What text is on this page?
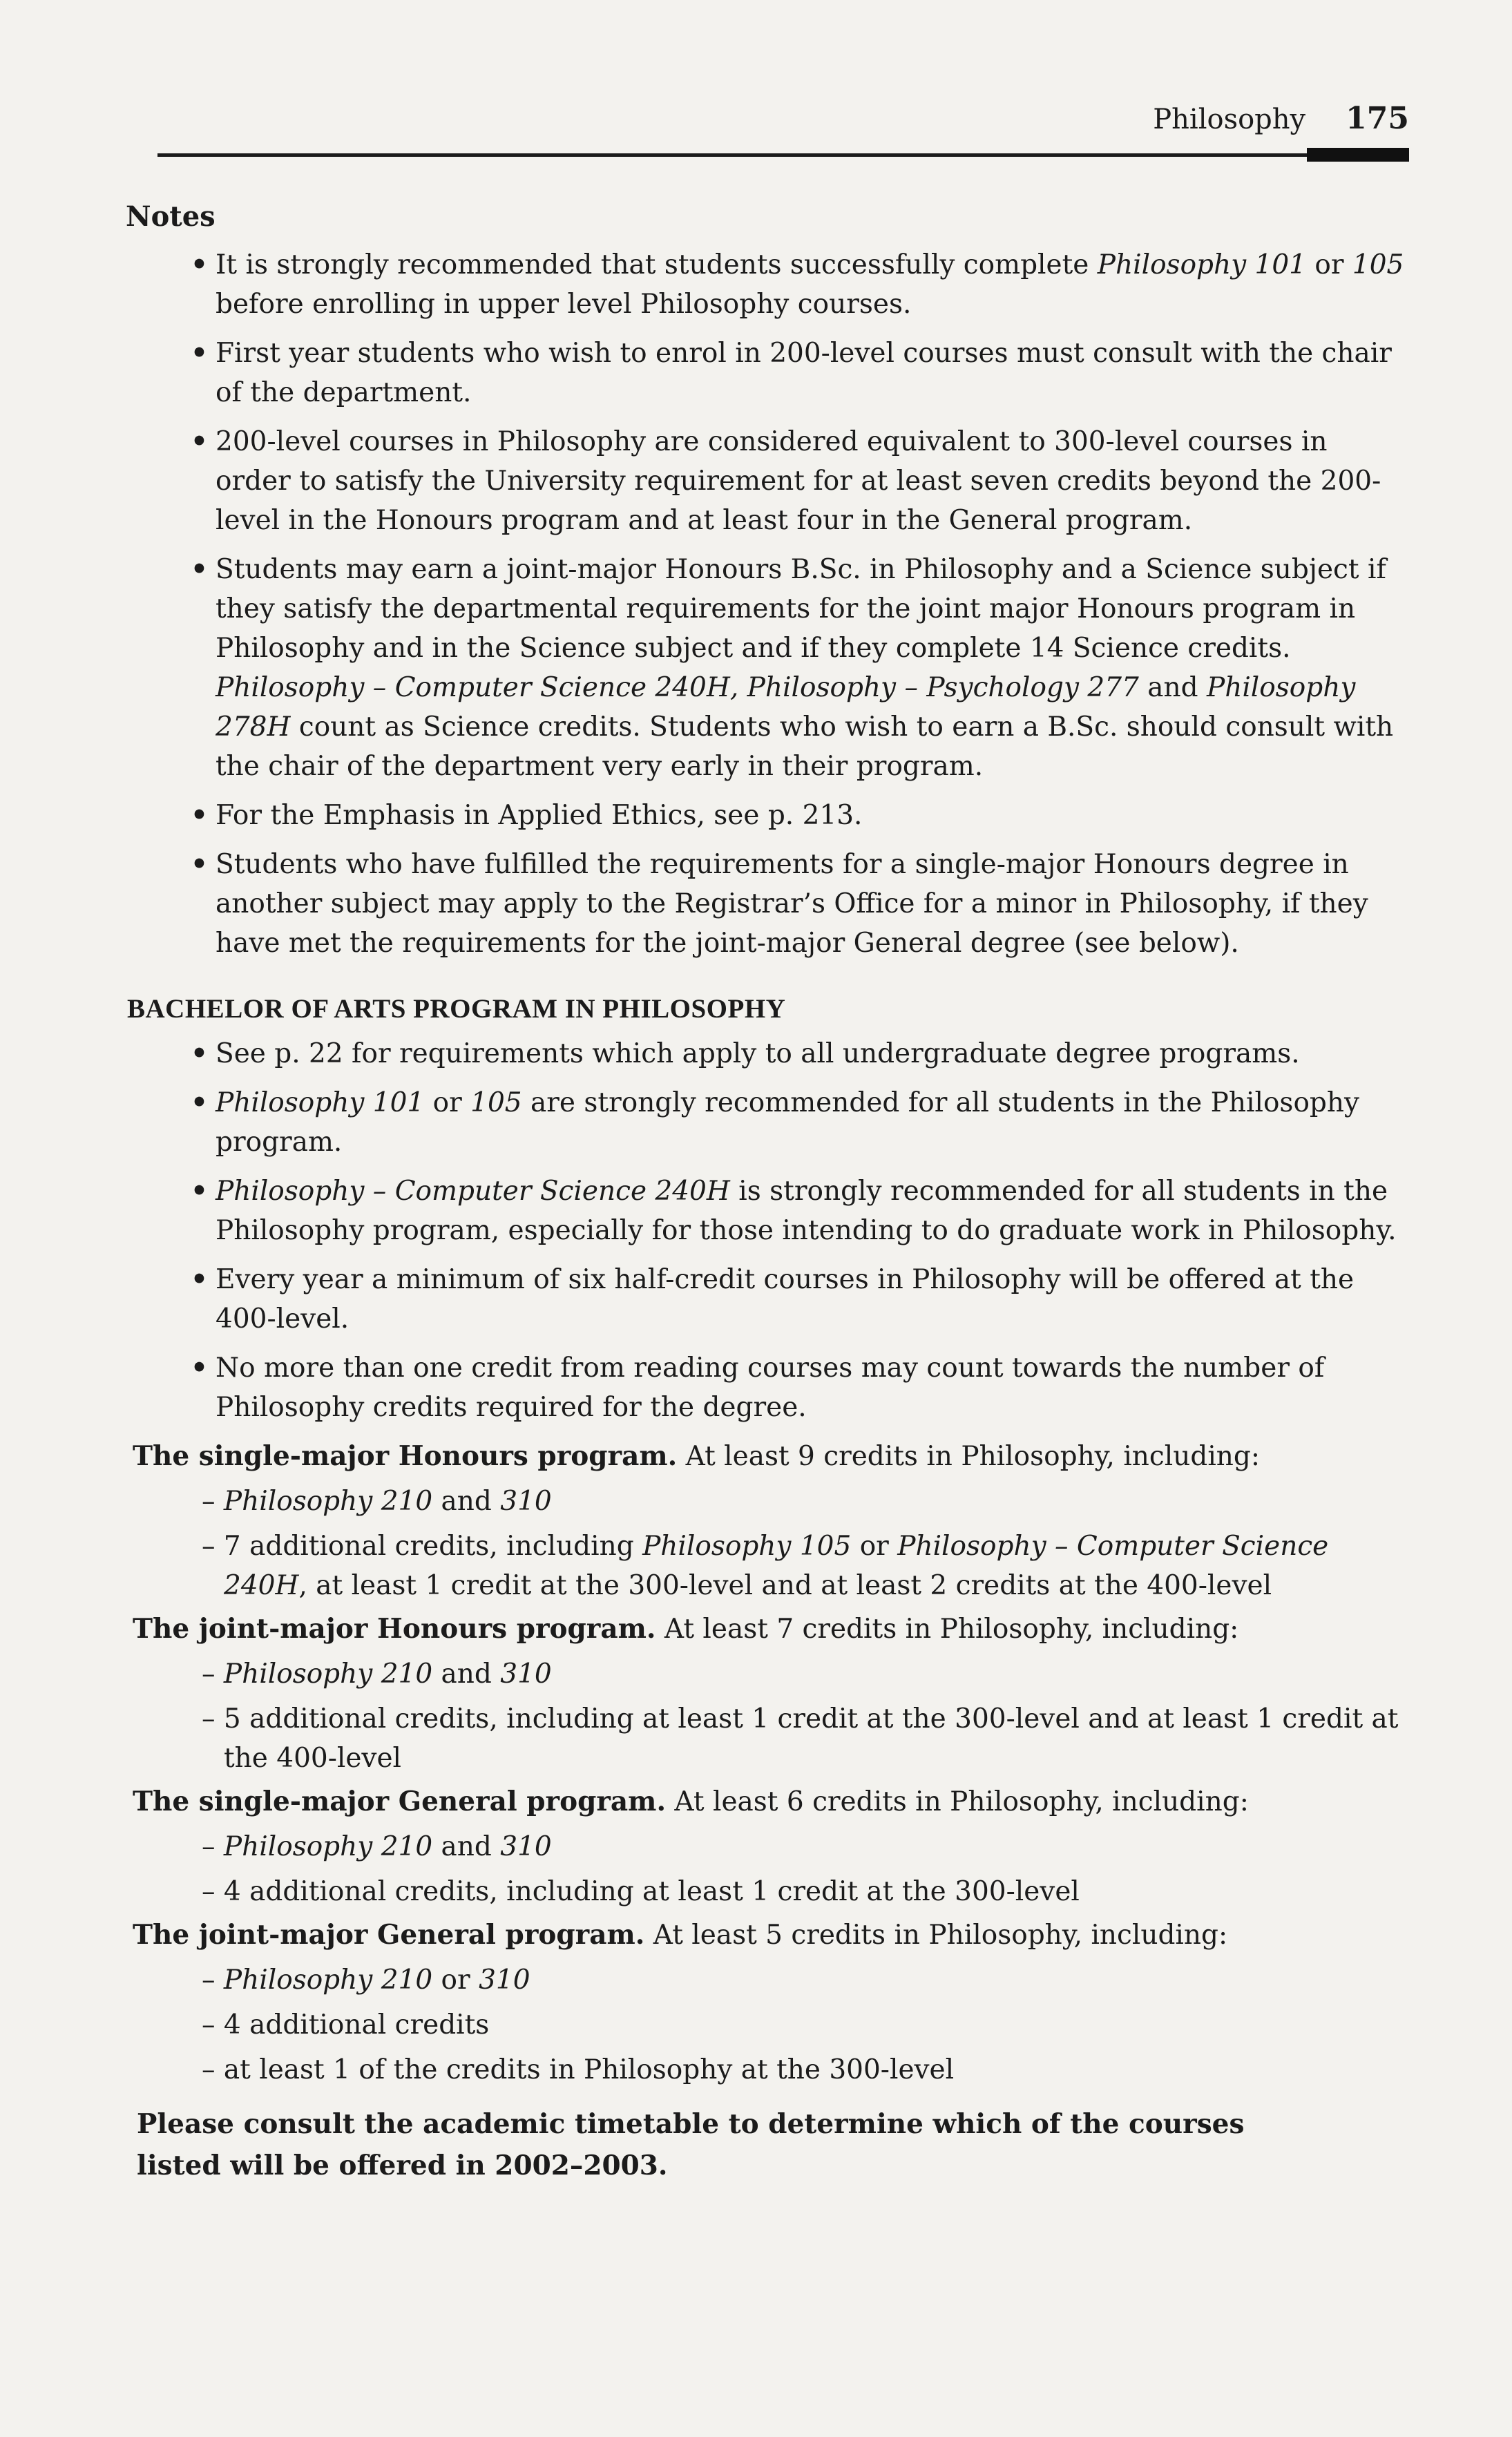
Philosophy 175
Notes
• It is strongly recommended that students successfully complete Philosophy 101 or 105 before enrolling in upper level Philosophy courses.
• First year students who wish to enrol in 200-level courses must consult with the chair of the department.
• 200-level courses in Philosophy are considered equivalent to 300-level courses in order to satisfy the University requirement for at least seven credits beyond the 200-level in the Honours program and at least four in the General program.
• Students may earn a joint-major Honours B.Sc. in Philosophy and a Science subject if they satisfy the departmental requirements for the joint major Honours program in Philosophy and in the Science subject and if they complete 14 Science credits. Philosophy – Computer Science 240H, Philosophy – Psychology 277 and Philosophy 278H count as Science credits. Students who wish to earn a B.Sc. should consult with the chair of the department very early in their program.
• For the Emphasis in Applied Ethics, see p. 213.
• Students who have fulfilled the requirements for a single-major Honours degree in another subject may apply to the Registrar’s Office for a minor in Philosophy, if they have met the requirements for the joint-major General degree (see below).
BACHELOR OF ARTS PROGRAM IN PHILOSOPHY
• See p. 22 for requirements which apply to all undergraduate degree programs.
• Philosophy 101 or 105 are strongly recommended for all students in the Philosophy program.
• Philosophy – Computer Science 240H is strongly recommended for all students in the Philosophy program, especially for those intending to do graduate work in Philosophy.
• Every year a minimum of six half-credit courses in Philosophy will be offered at the 400-level.
• No more than one credit from reading courses may count towards the number of Philosophy credits required for the degree.
The single-major Honours program. At least 9 credits in Philosophy, including:
– Philosophy 210 and 310
– 7 additional credits, including Philosophy 105 or Philosophy – Computer Science 240H, at least 1 credit at the 300-level and at least 2 credits at the 400-level
The joint-major Honours program. At least 7 credits in Philosophy, including:
– Philosophy 210 and 310
– 5 additional credits, including at least 1 credit at the 300-level and at least 1 credit at the 400-level
The single-major General program. At least 6 credits in Philosophy, including:
– Philosophy 210 and 310
– 4 additional credits, including at least 1 credit at the 300-level
The joint-major General program. At least 5 credits in Philosophy, including:
– Philosophy 210 or 310
– 4 additional credits
– at least 1 of the credits in Philosophy at the 300-level
Please consult the academic timetable to determine which of the courses listed will be offered in 2002–2003.
